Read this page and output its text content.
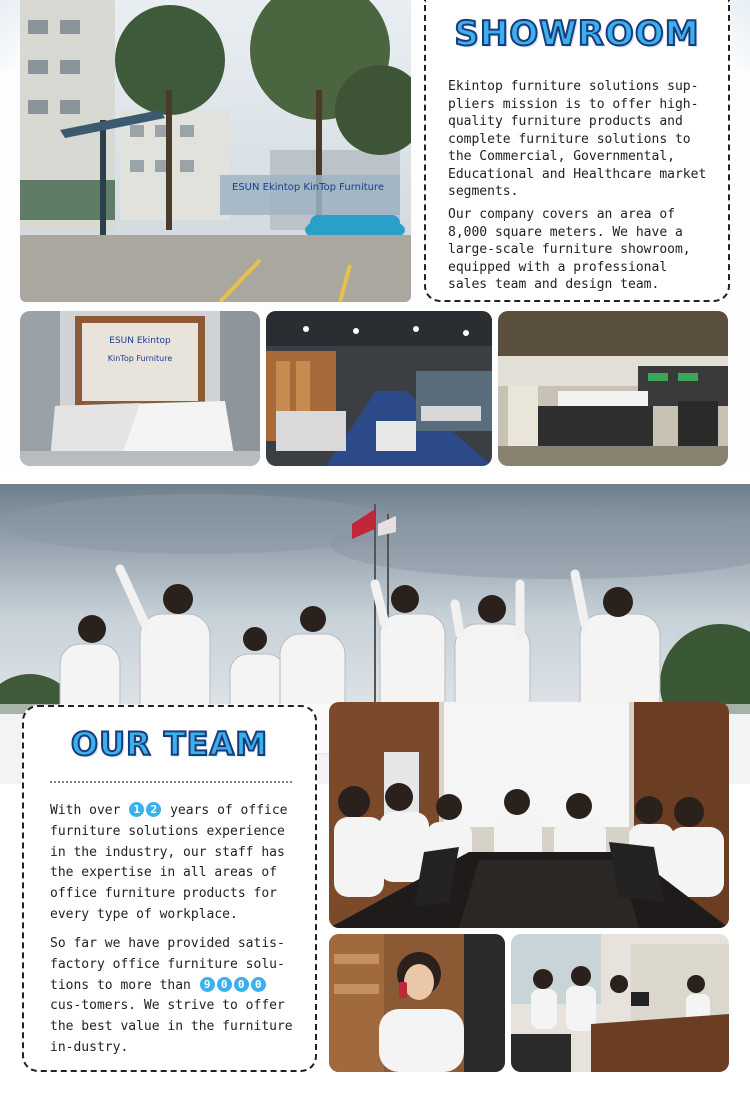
ESUN Ekintop KinTop Furniture
SHOWROOM

Ekintop furniture solutions sup-pliers mission is to offer high-quality furniture products and complete furniture solutions to the Commercial, Governmental, Educational and Healthcare market segments.

Our company covers an area of 8,000 square meters. We have a large-scale furniture showroom, equipped with a professional sales team and design team.

ESUN Ekintop
KinTop Furniture
OUR TEAM

With over 1 2 years of office furniture solutions experience in the industry, our staff has the expertise in all areas of office furniture products for every type of workplace.

So far we have provided satis-factory office furniture solu-tions to more than 9 0 0 0 cus-tomers. We strive to offer the best value in the furniture in-dustry.
